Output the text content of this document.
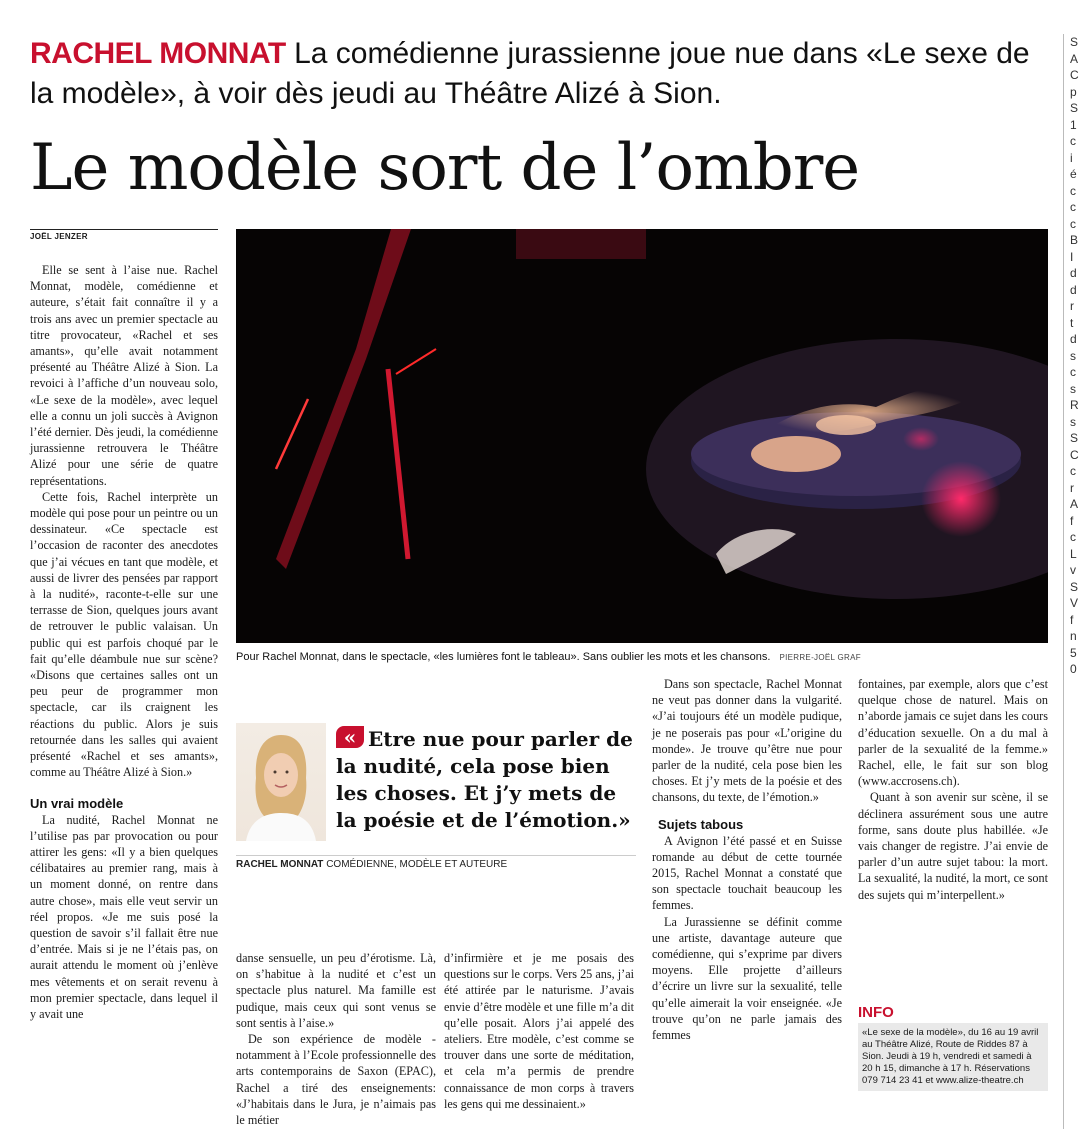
RACHEL MONNAT La comédienne jurassienne joue nue dans «Le sexe de la modèle», à voir dès jeudi au Théâtre Alizé à Sion.
Le modèle sort de l’ombre
JOËL JENZER

Elle se sent à l’aise nue. Rachel Monnat, modèle, comédienne et auteure, s’était fait connaître il y a trois ans avec un premier spectacle au titre provocateur, «Rachel et ses amants», qu’elle avait notamment présenté au Théâtre Alizé à Sion. La revoici à l’affiche d’un nouveau solo, «Le sexe de la modèle», avec lequel elle a connu un joli succès à Avignon l’été dernier. Dès jeudi, la comédienne jurassienne retrouvera le Théâtre Alizé pour une série de quatre représentations.

Cette fois, Rachel interprète un modèle qui pose pour un peintre ou un dessinateur. «Ce spectacle est l’occasion de raconter des anecdotes que j’ai vécues en tant que modèle, et aussi de livrer des pensées par rapport à la nudité», raconte-t-elle sur une terrasse de Sion, quelques jours avant de retrouver le public valaisan. Un public qui est parfois choqué par le fait qu’elle déambule nue sur scène? «Disons que certaines salles ont un peu peur de programmer mon spectacle, car ils craignent les réactions du public. Alors je suis retournée dans les salles qui avaient présenté «Rachel et ses amants», comme au Théâtre Alizé à Sion.»

Un vrai modèle

La nudité, Rachel Monnat ne l’utilise pas par provocation ou pour attirer les gens: «Il y a bien quelques célibataires au premier rang, mais à un moment donné, on rentre dans autre chose», mais elle veut servir un réel propos. «Je me suis posé la question de savoir s’il fallait être nue d’entrée. Mais si je ne l’étais pas, on aurait attendu le moment où j’enlève mes vêtements et on serait revenu à mon premier spectacle, dans lequel il y avait une

Pour Rachel Monnat, dans le spectacle, «les lumières font le tableau». Sans oublier les mots et les chansons. PIERRE-JOËL GRAF
« Etre nue pour parler de la nudité, cela pose bien les choses. Et j’y mets de la poésie et de l’émotion.»
RACHEL MONNAT COMÉDIENNE, MODÈLE ET AUTEURE

danse sensuelle, un peu d’érotisme. Là, on s’habitue à la nudité et c’est un spectacle plus naturel. Ma famille est pudique, mais ceux qui sont venus se sont sentis à l’aise.»

De son expérience de modèle - notamment à l’Ecole professionnelle des arts contemporains de Saxon (EPAC), Rachel a tiré des enseignements: «J’habitais dans le Jura, je n’aimais pas le métier

d’infirmière et je me posais des questions sur le corps. Vers 25 ans, j’ai été attirée par le naturisme. J’avais envie d’être modèle et une fille m’a dit qu’elle posait. Alors j’ai appelé des ateliers. Etre modèle, c’est comme se trouver dans une sorte de méditation, et cela m’a permis de prendre connaissance de mon corps à travers les gens qui me dessinaient.»

Dans son spectacle, Rachel Monnat ne veut pas donner dans la vulgarité. «J’ai toujours été un modèle pudique, je ne poserais pas pour «L’origine du monde». Je trouve qu’être nue pour parler de la nudité, cela pose bien les choses. Et j’y mets de la poésie et des chansons, du texte, de l’émotion.»

Sujets tabous

A Avignon l’été passé et en Suisse romande au début de cette tournée 2015, Rachel Monnat a constaté que son spectacle touchait beaucoup les femmes.

La Jurassienne se définit comme une artiste, davantage auteure que comédienne, qui s’exprime par divers moyens. Elle projette d’ailleurs d’écrire un livre sur la sexualité, telle qu’elle aimerait la voir enseignée. «Je trouve qu’on ne parle jamais des femmes

fontaines, par exemple, alors que c’est quelque chose de naturel. Mais on n’aborde jamais ce sujet dans les cours d’éducation sexuelle. On a du mal à parler de la sexualité de la femme.» Rachel, elle, le fait sur son blog (www.accrosens.ch).

Quant à son avenir sur scène, il se déclinera assurément sous une autre forme, sans doute plus habillée. «Je vais changer de registre. J’ai envie de parler d’un autre sujet tabou: la mort. La sexualité, la nudité, la mort, ce sont des sujets qui m’interpellent.»

INFO
«Le sexe de la modèle», du 16 au 19 avril au Théâtre Alizé, Route de Riddes 87 à Sion. Jeudi à 19 h, vendredi et samedi à 20 h 15, dimanche à 17 h. Réservations 079 714 23 41 et www.alize-theatre.ch
S A C p S 1 c i é c c c B I d d r t d s c s R s S C c r A f c L v S V f n 5 0
